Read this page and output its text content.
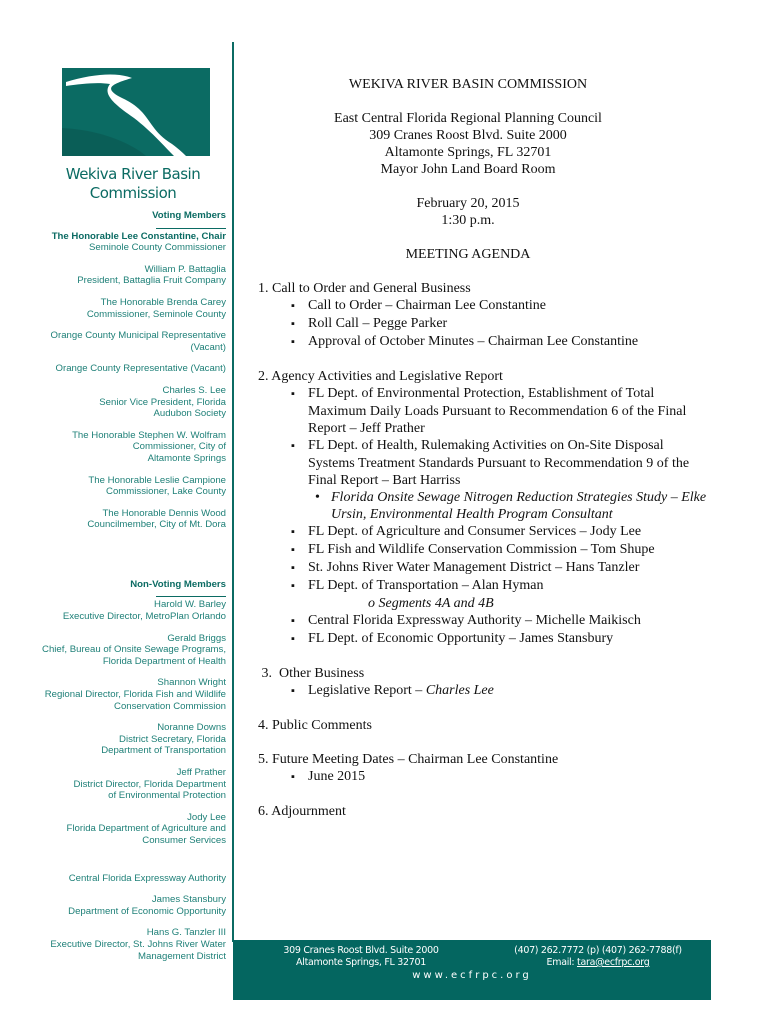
Wekiva River Basin
Commission
Voting Members
The Honorable Lee Constantine, Chair
Seminole County Commissioner
William P. Battaglia
President, Battaglia Fruit Company
The Honorable Brenda Carey
Commissioner, Seminole County
Orange County Municipal Representative
(Vacant)
Orange County Representative (Vacant)
Charles S. Lee
Senior Vice President, Florida
Audubon Society
The Honorable Stephen W. Wolfram
Commissioner, City of
Altamonte Springs
The Honorable Leslie Campione
Commissioner, Lake County
The Honorable Dennis Wood
Councilmember, City of Mt. Dora
Non-Voting Members
Harold W. Barley
Executive Director, MetroPlan Orlando
Gerald Briggs
Chief, Bureau of Onsite Sewage Programs,
Florida Department of Health
Shannon Wright
Regional Director, Florida Fish and Wildlife
Conservation Commission
Noranne Downs
District Secretary, Florida
Department of Transportation
Jeff Prather
District Director, Florida Department
of Environmental Protection
Jody Lee
Florida Department of Agriculture and
Consumer Services
Central Florida Expressway Authority
James Stansbury
Department of Economic Opportunity
Hans G. Tanzler III
Executive Director, St. Johns River Water
Management District
WEKIVA RIVER BASIN COMMISSION
East Central Florida Regional Planning Council
309 Cranes Roost Blvd. Suite 2000
Altamonte Springs, FL 32701
Mayor John Land Board Room
February 20, 2015
1:30 p.m.
MEETING AGENDA
1. Call to Order and General Business
▪ Call to Order – Chairman Lee Constantine
▪ Roll Call – Pegge Parker
▪ Approval of October Minutes – Chairman Lee Constantine
2. Agency Activities and Legislative Report
▪ FL Dept. of Environmental Protection, Establishment of Total Maximum Daily Loads Pursuant to Recommendation 6 of the Final Report – Jeff Prather
▪ FL Dept. of Health, Rulemaking Activities on On-Site Disposal Systems Treatment Standards Pursuant to Recommendation 9 of the Final Report – Bart Harriss
• Florida Onsite Sewage Nitrogen Reduction Strategies Study – Elke Ursin, Environmental Health Program Consultant
▪ FL Dept. of Agriculture and Consumer Services – Jody Lee
▪ FL Fish and Wildlife Conservation Commission – Tom Shupe
▪ St. Johns River Water Management District – Hans Tanzler
▪ FL Dept. of Transportation – Alan Hyman
o Segments 4A and 4B
▪ Central Florida Expressway Authority – Michelle Maikisch
▪ FL Dept. of Economic Opportunity – James Stansbury
3.  Other Business
▪ Legislative Report – Charles Lee
4. Public Comments
5. Future Meeting Dates – Chairman Lee Constantine
▪ June 2015
6. Adjournment
309 Cranes Roost Blvd. Suite 2000
Altamonte Springs, FL 32701
(407) 262.7772 (p) (407) 262-7788(f)
Email: tara@ecfrpc.org
www.ecfrpc.org
